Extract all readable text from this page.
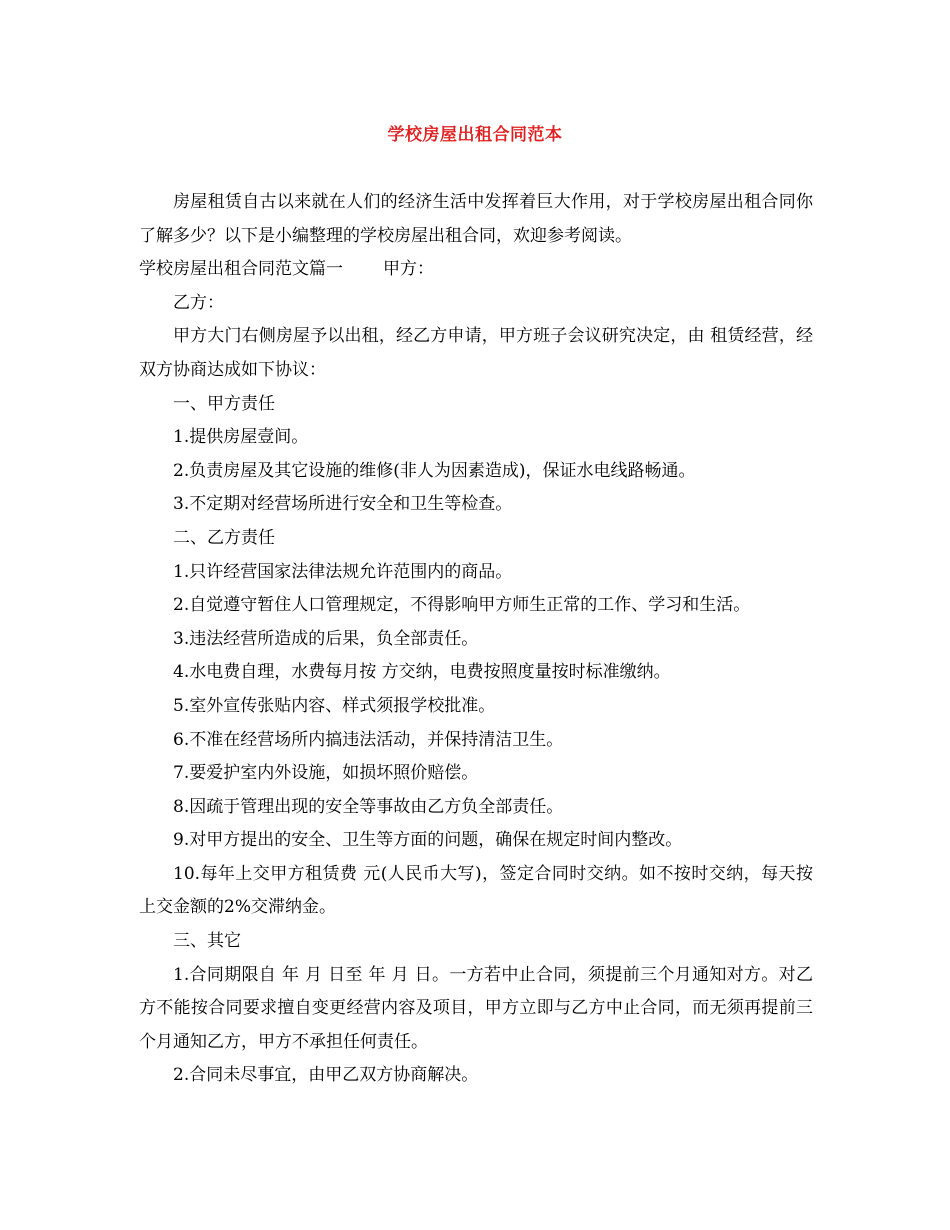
学校房屋出租合同范本

房屋租赁自古以来就在人们的经济生活中发挥着巨大作用，对于学校房屋出租合同你了解多少？以下是小编整理的学校房屋出租合同，欢迎参考阅读。

学校房屋出租合同范文篇一 甲方：

乙方：

甲方大门右侧房屋予以出租，经乙方申请，甲方班子会议研究决定，由 租赁经营，经双方协商达成如下协议：

一、甲方责任

1.提供房屋壹间。

2.负责房屋及其它设施的维修(非人为因素造成)，保证水电线路畅通。

3.不定期对经营场所进行安全和卫生等检查。

二、乙方责任

1.只许经营国家法律法规允许范围内的商品。

2.自觉遵守暂住人口管理规定，不得影响甲方师生正常的工作、学习和生活。

3.违法经营所造成的后果，负全部责任。

4.水电费自理，水费每月按 方交纳，电费按照度量按时标准缴纳。

5.室外宣传张贴内容、样式须报学校批准。

6.不准在经营场所内搞违法活动，并保持清洁卫生。

7.要爱护室内外设施，如损坏照价赔偿。

8.因疏于管理出现的安全等事故由乙方负全部责任。

9.对甲方提出的安全、卫生等方面的问题，确保在规定时间内整改。

10.每年上交甲方租赁费 元(人民币大写)，签定合同时交纳。如不按时交纳，每天按上交金额的2%交滞纳金。

三、其它

1.合同期限自 年 月 日至 年 月 日。一方若中止合同，须提前三个月通知对方。对乙方不能按合同要求擅自变更经营内容及项目，甲方立即与乙方中止合同，而无须再提前三个月通知乙方，甲方不承担任何责任。

2.合同未尽事宜，由甲乙双方协商解决。
